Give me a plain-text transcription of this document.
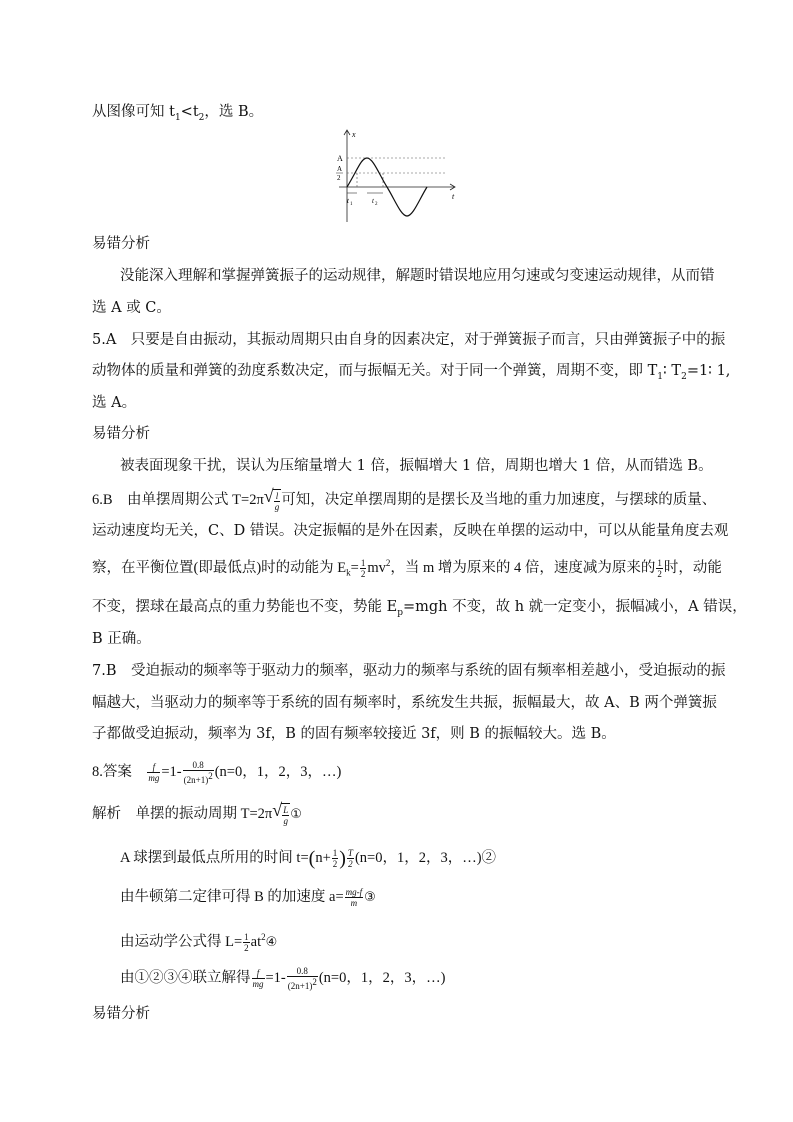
从图像可知 $t_1<t_2$，选 B。
x
t
A
A
2
t 1	t 2
易错分析
没能深入理解和掌握弹簧振子的运动规律，解题时错误地应用匀速或匀变速运动规律，从而错
选 A 或 C。
5.A　只要是自由振动，其振动周期只由自身的因素决定，对于弹簧振子而言，只由弹簧振子中的振
动物体的质量和弹簧的劲度系数决定，而与振幅无关。对于同一个弹簧，周期不变，即 $T_1∶$ $T_2=1∶$ 1,
选 A。
易错分析
被表面现象干扰，误认为压缩量增大 1 倍，振幅增大 1 倍，周期也增大 1 倍，从而错选 B。
6.B　由单摆周期公式 T=2π √ $\frac{l}{g}$ 可知，决定单摆周期的是摆长及当地的重力加速度，与摆球的质量、
运动速度均无关，C、D 错误。决定振幅的是外在因素，反映在单摆的运动中，可以从能量角度去观
察，在平衡位置(即最低点)时的动能为 $E_k= \frac{1}{2} mv^2$，当 m 增为原来的 4 倍，速度减为原来的 $\frac{1}{2}$ 时，动能
不变，摆球在最高点的重力势能也不变，势能 $E_p=mgh$ 不变，故 h 就一定变小，振幅减小，A 错误，
B 正确。
7.B　受迫振动的频率等于驱动力的频率，驱动力的频率与系统的固有频率相差越小，受迫振动的振
幅越大，当驱动力的频率等于系统的固有频率时，系统发生共振，振幅最大，故 A、B 两个弹簧振
子都做受迫振动，频率为 3f，B 的固有频率较接近 3f，则 B 的振幅较大。选 B。
8.答案　 $\frac{f}{mg} =1- \frac{0.8}{(2n+1)^2} (n=0$，1，2，3，…)
解析　单摆的振动周期 T=2π √ $\frac{L}{g}$ ①
A 球摆到最低点所用的时间 $t=(n+ \frac{1}{2}$ ) $\frac{T}{2} (n=0$，1，2，3，…)②
由牛顿第二定律可得 B 的加速度 $a= \frac{mg-f}{m}$ ③
由运动学公式得 $L= \frac{1}{2}$ $at^2④$
由①②③④联立解得 $\frac{f}{mg} =1- \frac{0.8}{(2n+1)^2} (n=0$，1，2，3，…)
易错分析
